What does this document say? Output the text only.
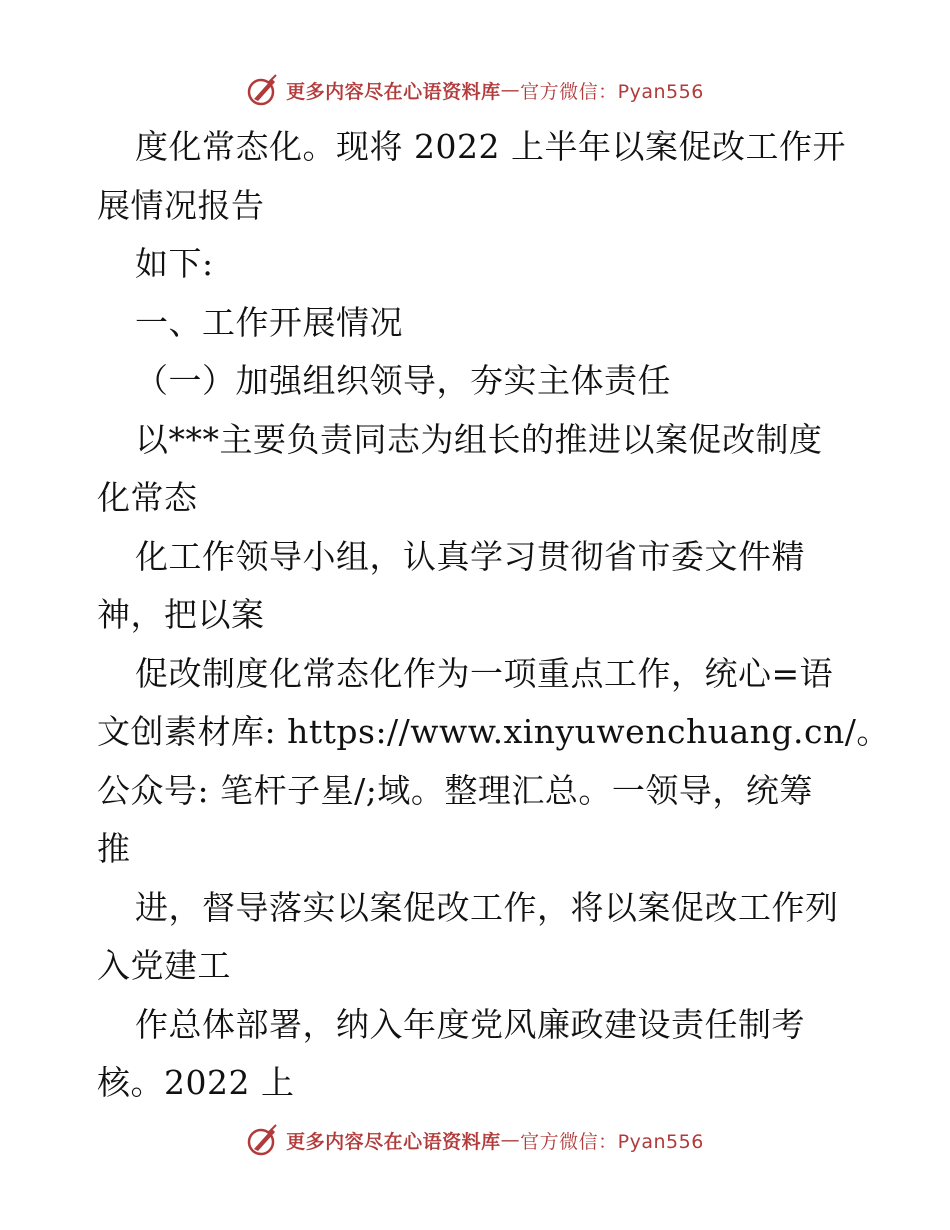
更多内容尽在心语资料库 — 官方微信：Pyan556
度化常态化。现将 2022 上半年以案促改工作开
展情况报告
如下:
一、工作开展情况
（一）加强组织领导，夯实主体责任
以***主要负责同志为组长的推进以案促改制度
化常态
化工作领导小组，认真学习贯彻省市委文件精
神，把以案
促改制度化常态化作为一项重点工作，统心=语
文创素材库: https://www.xinyuwenchuang.cn/。
公众号: 笔杆子星/;域。整理汇总。一领导，统筹
推
进，督导落实以案促改工作，将以案促改工作列
入党建工
作总体部署，纳入年度党风廉政建设责任制考
核。2022 上
更多内容尽在心语资料库 — 官方微信：Pyan556
